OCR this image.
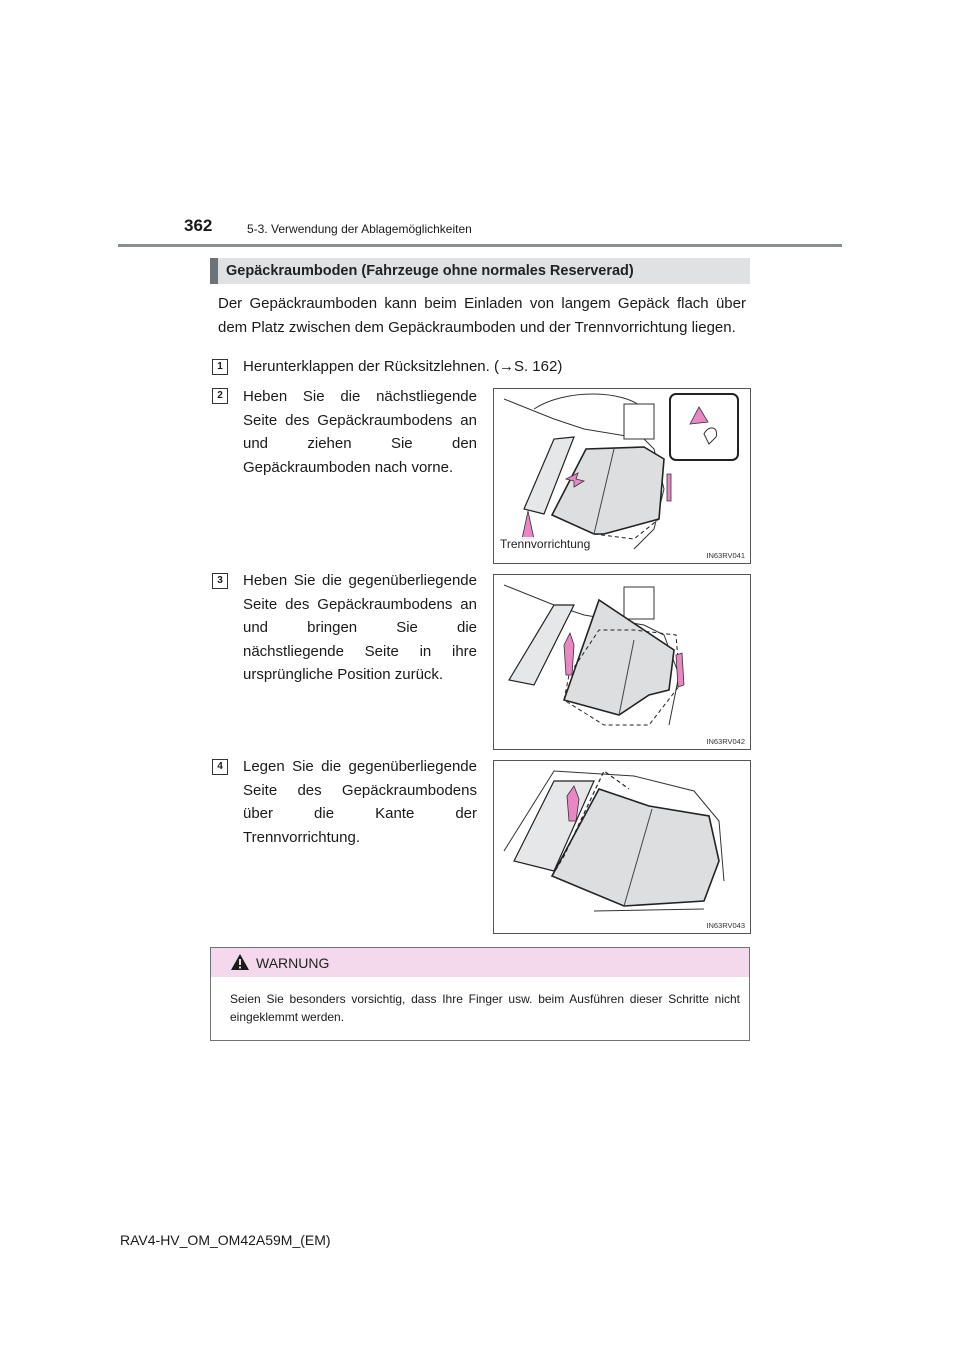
362	5-3. Verwendung der Ablagemöglichkeiten
Gepäckraumboden (Fahrzeuge ohne normales Reserverad)
Der Gepäckraumboden kann beim Einladen von langem Gepäck flach über dem Platz zwischen dem Gepäckraumboden und der Trennvorrichtung liegen.
1	Herunterklappen der Rücksitzlehnen. (→S. 162)
2	Heben Sie die nächstliegende Seite des Gepäckraumbodens an und ziehen Sie den Gepäckraumboden nach vorne.
Trennvorrichtung
IN63RV041
3	Heben Sie die gegenüberliegende Seite des Gepäckraumbodens an und bringen Sie die nächstliegende Seite in ihre ursprüngliche Position zurück.
IN63RV042
4	Legen Sie die gegenüberliegende Seite des Gepäckraumbodens über die Kante der Trennvorrichtung.
IN63RV043
WARNUNG
Seien Sie besonders vorsichtig, dass Ihre Finger usw. beim Ausführen dieser Schritte nicht eingeklemmt werden.
RAV4-HV_OM_OM42A59M_(EM)
